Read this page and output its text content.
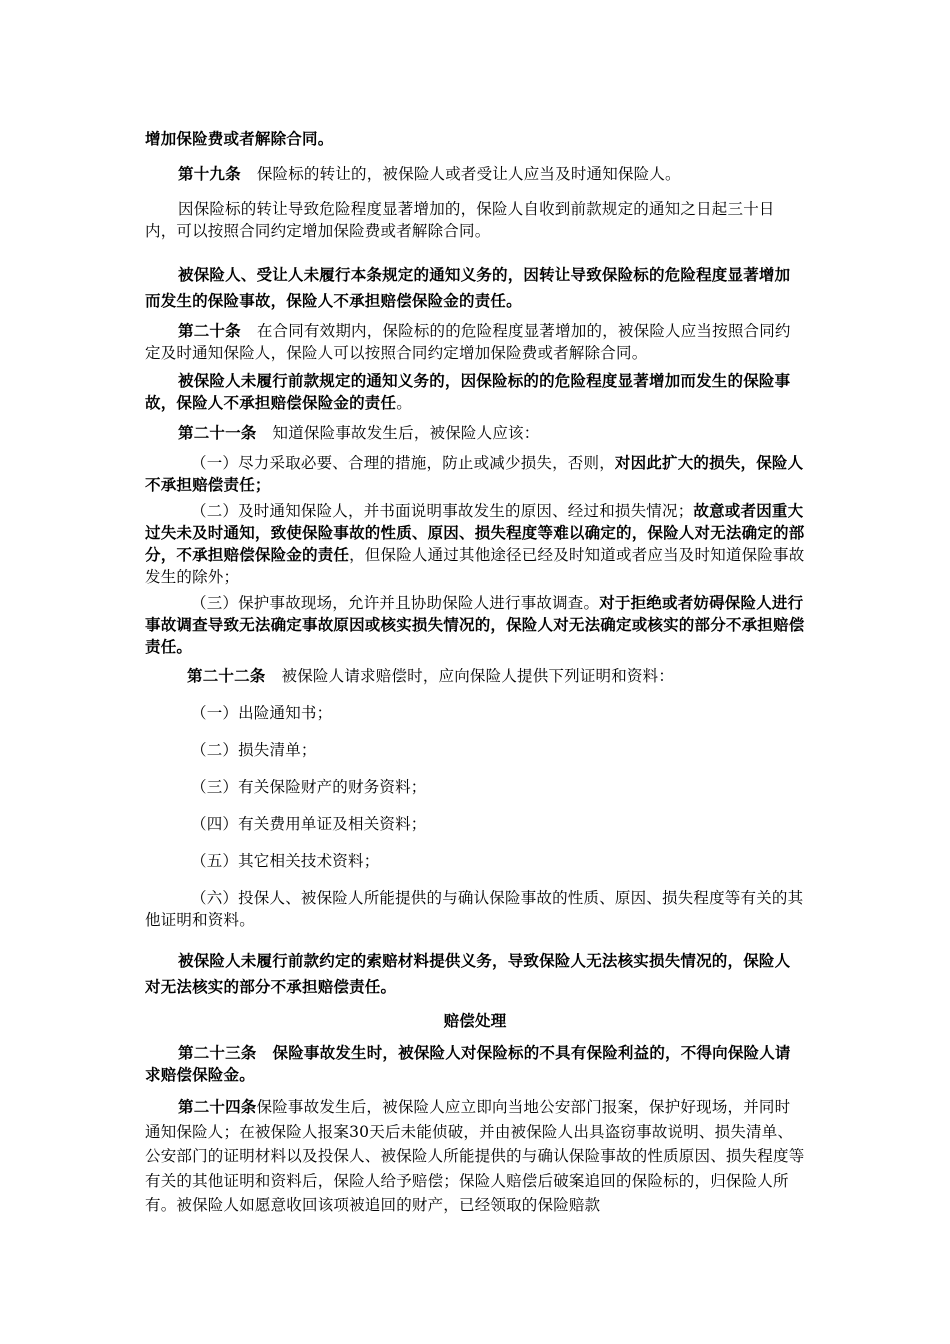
增加保险费或者解除合同。

第十九条 保险标的转让的，被保险人或者受让人应当及时通知保险人。

因保险标的转让导致危险程度显著增加的，保险人自收到前款规定的通知之日起三十日内，可以按照合同约定增加保险费或者解除合同。

被保险人、受让人未履行本条规定的通知义务的，因转让导致保险标的危险程度显著增加而发生的保险事故，保险人不承担赔偿保险金的责任。

第二十条 在合同有效期内，保险标的的危险程度显著增加的，被保险人应当按照合同约定及时通知保险人，保险人可以按照合同约定增加保险费或者解除合同。

被保险人未履行前款规定的通知义务的，因保险标的的危险程度显著增加而发生的保险事故，保险人不承担赔偿保险金的责任。

第二十一条 知道保险事故发生后，被保险人应该：

（一）尽力采取必要、合理的措施，防止或减少损失，否则，对因此扩大的损失，保险人不承担赔偿责任；

（二）及时通知保险人，并书面说明事故发生的原因、经过和损失情况；故意或者因重大过失未及时通知，致使保险事故的性质、原因、损失程度等难以确定的，保险人对无法确定的部分，不承担赔偿保险金的责任，但保险人通过其他途径已经及时知道或者应当及时知道保险事故发生的除外；

（三）保护事故现场，允许并且协助保险人进行事故调查。对于拒绝或者妨碍保险人进行事故调查导致无法确定事故原因或核实损失情况的，保险人对无法确定或核实的部分不承担赔偿责任。

第二十二条 被保险人请求赔偿时，应向保险人提供下列证明和资料：

（一）出险通知书；

（二）损失清单；

（三）有关保险财产的财务资料；

（四）有关费用单证及相关资料；

（五）其它相关技术资料；

（六）投保人、被保险人所能提供的与确认保险事故的性质、原因、损失程度等有关的其他证明和资料。

被保险人未履行前款约定的索赔材料提供义务，导致保险人无法核实损失情况的，保险人对无法核实的部分不承担赔偿责任。

赔偿处理

第二十三条 保险事故发生时，被保险人对保险标的不具有保险利益的，不得向保险人请求赔偿保险金。

第二十四条保险事故发生后，被保险人应立即向当地公安部门报案，保护好现场，并同时通知保险人；在被保险人报案30天后未能侦破，并由被保险人出具盗窃事故说明、损失清单、公安部门的证明材料以及投保人、被保险人所能提供的与确认保险事故的性质原因、损失程度等有关的其他证明和资料后，保险人给予赔偿；保险人赔偿后破案追回的保险标的，归保险人所有。被保险人如愿意收回该项被追回的财产，已经领取的保险赔款
